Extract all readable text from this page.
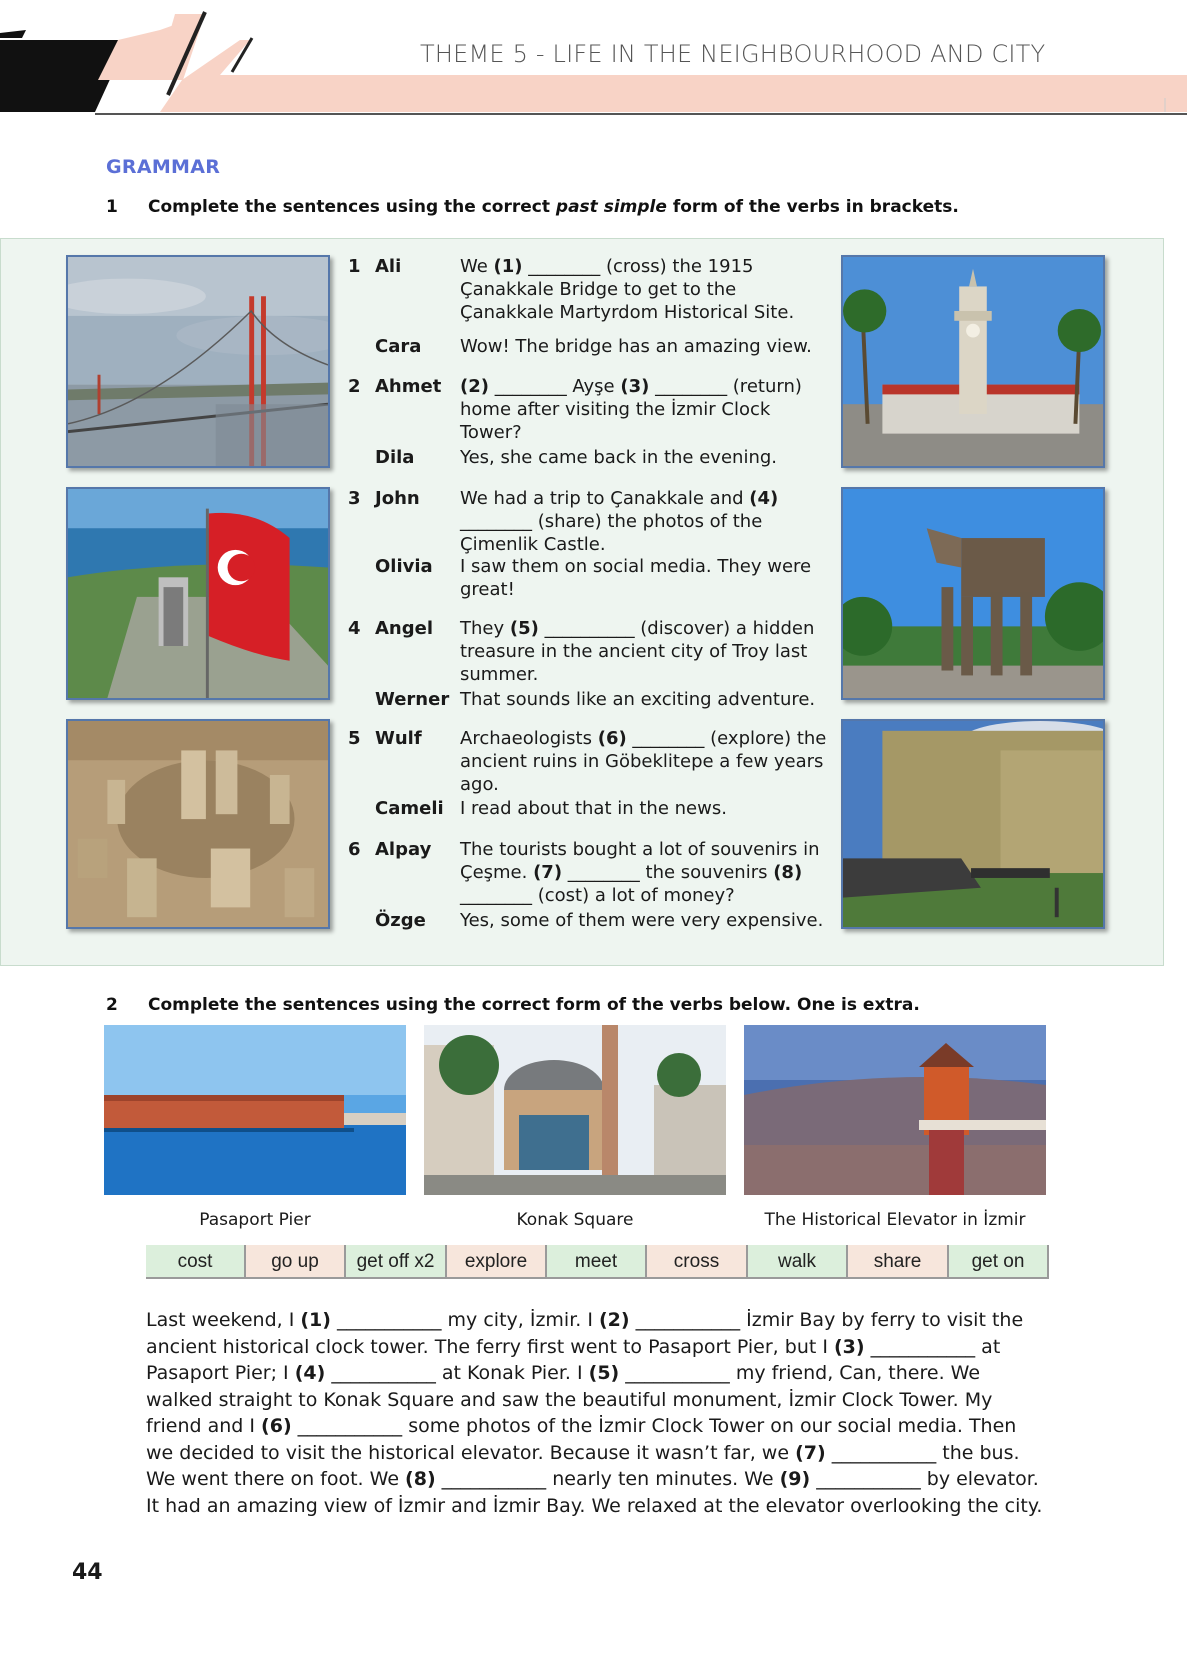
THEME 5 - LIFE IN THE NEIGHBOURHOOD AND CITY
GRAMMAR
1 Complete the sentences using the correct past simple form of the verbs in brackets.
1 Ali	We (1) ________ (cross) the 1915 Çanakkale Bridge to get to the Çanakkale Martyrdom Historical Site.
Cara Wow! The bridge has an amazing view.
2 Ahmet (2) ________ Ayşe (3) ________ (return) home after visiting the İzmir Clock Tower?
Dila	Yes, she came back in the evening.
3 John We had a trip to Çanakkale and (4) ________ (share) the photos of the Çimenlik Castle.
Olivia I saw them on social media. They were great!
4 Angel They (5) __________ (discover) a hidden treasure in the ancient city of Troy last summer.
Werner That sounds like an exciting adventure.
5 Wulf Archaeologists (6) ________ (explore) the ancient ruins in Göbeklitepe a few years ago.
Cameli I read about that in the news.
6 Alpay The tourists bought a lot of souvenirs in Çeşme. (7) ________ the souvenirs (8) ________ (cost) a lot of money?
Özge Yes, some of them were very expensive.
2 Complete the sentences using the correct form of the verbs below. One is extra.
Pasaport Pier	Konak Square	The Historical Elevator in İzmir
cost	go up	get off x2	explore	meet	cross	walk	share	get on
Last weekend, I (1) ___________ my city, İzmir. I (2) ___________ İzmir Bay by ferry to visit the ancient historical clock tower. The ferry first went to Pasaport Pier, but I (3) ___________ at Pasaport Pier; I (4) ___________ at Konak Pier. I (5) ___________ my friend, Can, there. We walked straight to Konak Square and saw the beautiful monument, İzmir Clock Tower. My friend and I (6) ___________ some photos of the İzmir Clock Tower on our social media. Then we decided to visit the historical elevator. Because it wasn’t far, we (7) ___________ the bus. We went there on foot. We (8) ___________ nearly ten minutes. We (9) ___________ by elevator. It had an amazing view of İzmir and İzmir Bay. We relaxed at the elevator overlooking the city.
44
